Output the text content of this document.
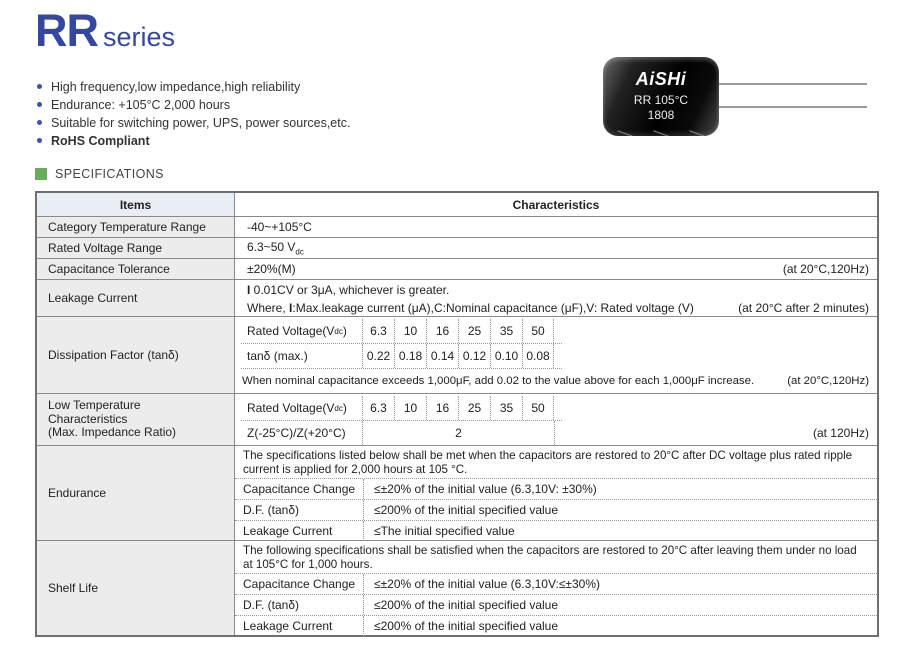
RR series
High frequency,low impedance,high reliability
Endurance: +105°C 2,000 hours
Suitable for switching power, UPS, power sources,etc.
RoHS Compliant
AiSHi
RR 105°C
1808
SPECIFICATIONS
Items	Characteristics
Category Temperature Range	-40~+105°C
Rated Voltage Range	6.3~50 $V_{dc}$
Capacitance Tolerance	±20%(M)	(at 20°C,120Hz)
Leakage Current
I 0.01CV or 3μA, whichever is greater.
Where, I:Max.leakage current (μA),C:Nominal capacitance (μF),V: Rated voltage (V)	(at 20°C after 2 minutes)
Dissipation Factor (tanδ)
Rated Voltage(V dc )	6.3	10	16	25	35	50
tanδ (max.)	0.22 0.18 0.14 0.12 0.10 0.08
When nominal capacitance exceeds 1,000μF, add 0.02 to the value above for each 1,000μF increase.	(at 20°C,120Hz)
Low Temperature
Characteristics
(Max. Impedance Ratio)
Rated Voltage(V dc )	6.3	10	16	25	35	50
Z(-25°C)/Z(+20°C)	2	(at 120Hz)
Endurance
The specifications listed below shall be met when the capacitors are restored to 20°C after DC voltage plus rated ripple current is applied for 2,000 hours at 105 °C.
Capacitance Change	≤±20% of the initial value (6.3,10V: ±30%)
D.F. (tanδ)	≤200% of the initial specified value
Leakage Current	≤The initial specified value
Shelf Life
The following specifications shall be satisfied when the capacitors are restored to 20°C after leaving them under no load at 105°C for 1,000 hours.
Capacitance Change	≤±20% of the initial value (6.3,10V:≤±30%)
D.F. (tanδ)	≤200% of the initial specified value
Leakage Current	≤200% of the initial specified value
